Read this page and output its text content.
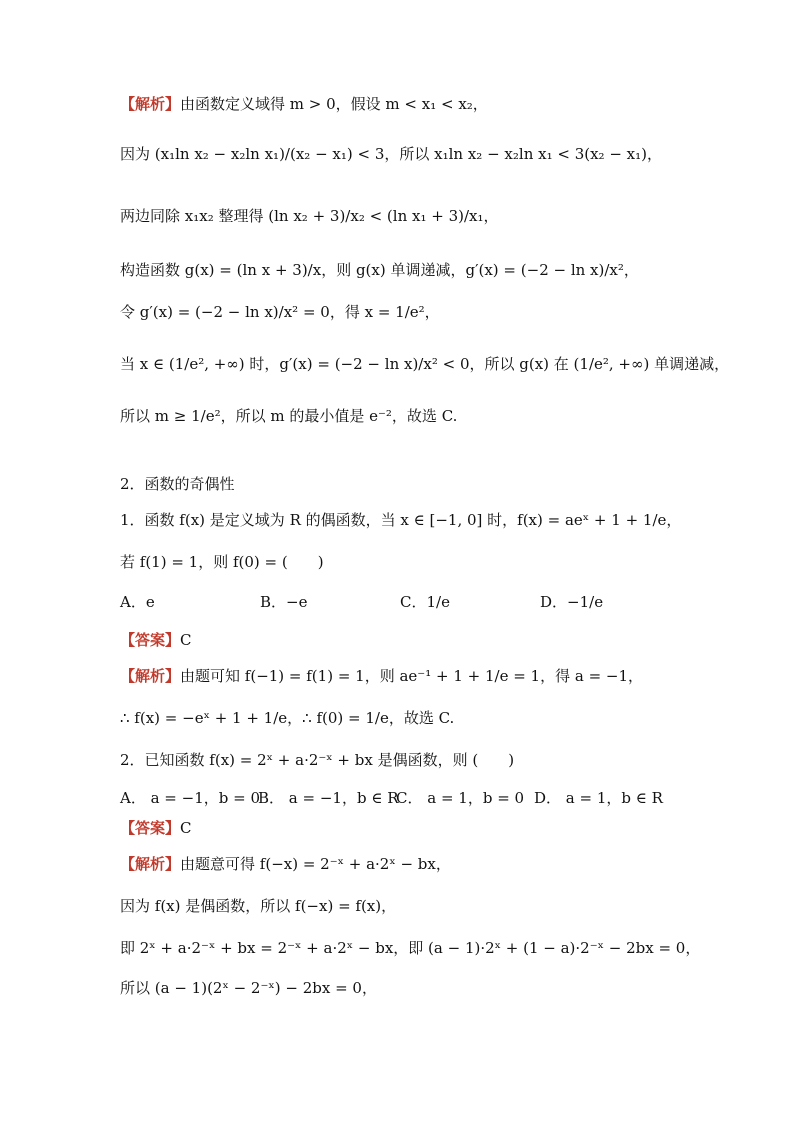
【解析】由函数定义域得 m > 0，假设 m < x₁ < x₂，
因为 (x₁ln x₂ − x₂ln x₁)/(x₂ − x₁) < 3，所以 x₁ln x₂ − x₂ln x₁ < 3(x₂ − x₁)，
两边同除 x₁x₂ 整理得 (ln x₂ + 3)/x₂ < (ln x₁ + 3)/x₁，
构造函数 g(x) = (ln x + 3)/x，则 g(x) 单调递减，g′(x) = (−2 − ln x)/x²，
令 g′(x) = (−2 − ln x)/x² = 0，得 x = 1/e²，
当 x ∈ (1/e², +∞) 时，g′(x) = (−2 − ln x)/x² < 0，所以 g(x) 在 (1/e², +∞) 单调递减，
所以 m ≥ 1/e²，所以 m 的最小值是 e⁻²，故选 C.
2．函数的奇偶性
1．函数 f(x) 是定义域为 R 的偶函数，当 x ∈ [−1, 0] 时，f(x) = aeˣ + 1 + 1/e，
若 f(1) = 1，则 f(0) = (　　)
A．e	B．−e	C．1/e	D．−1/e
【答案】C
【解析】由题可知 f(−1) = f(1) = 1，则 ae⁻¹ + 1 + 1/e = 1，得 a = −1，
∴ f(x) = −eˣ + 1 + 1/e，∴ f(0) = 1/e，故选 C.
2．已知函数 f(x) = 2ˣ + a·2⁻ˣ + bx 是偶函数，则 (　　)
A． a = −1，b = 0
B． a = −1，b ∈ R
C． a = 1，b = 0 D． a = 1，b ∈ R
【答案】C
【解析】由题意可得 f(−x) = 2⁻ˣ + a·2ˣ − bx，
因为 f(x) 是偶函数，所以 f(−x) = f(x)，
即 2ˣ + a·2⁻ˣ + bx = 2⁻ˣ + a·2ˣ − bx，即 (a − 1)·2ˣ + (1 − a)·2⁻ˣ − 2bx = 0，
所以 (a − 1)(2ˣ − 2⁻ˣ) − 2bx = 0，
